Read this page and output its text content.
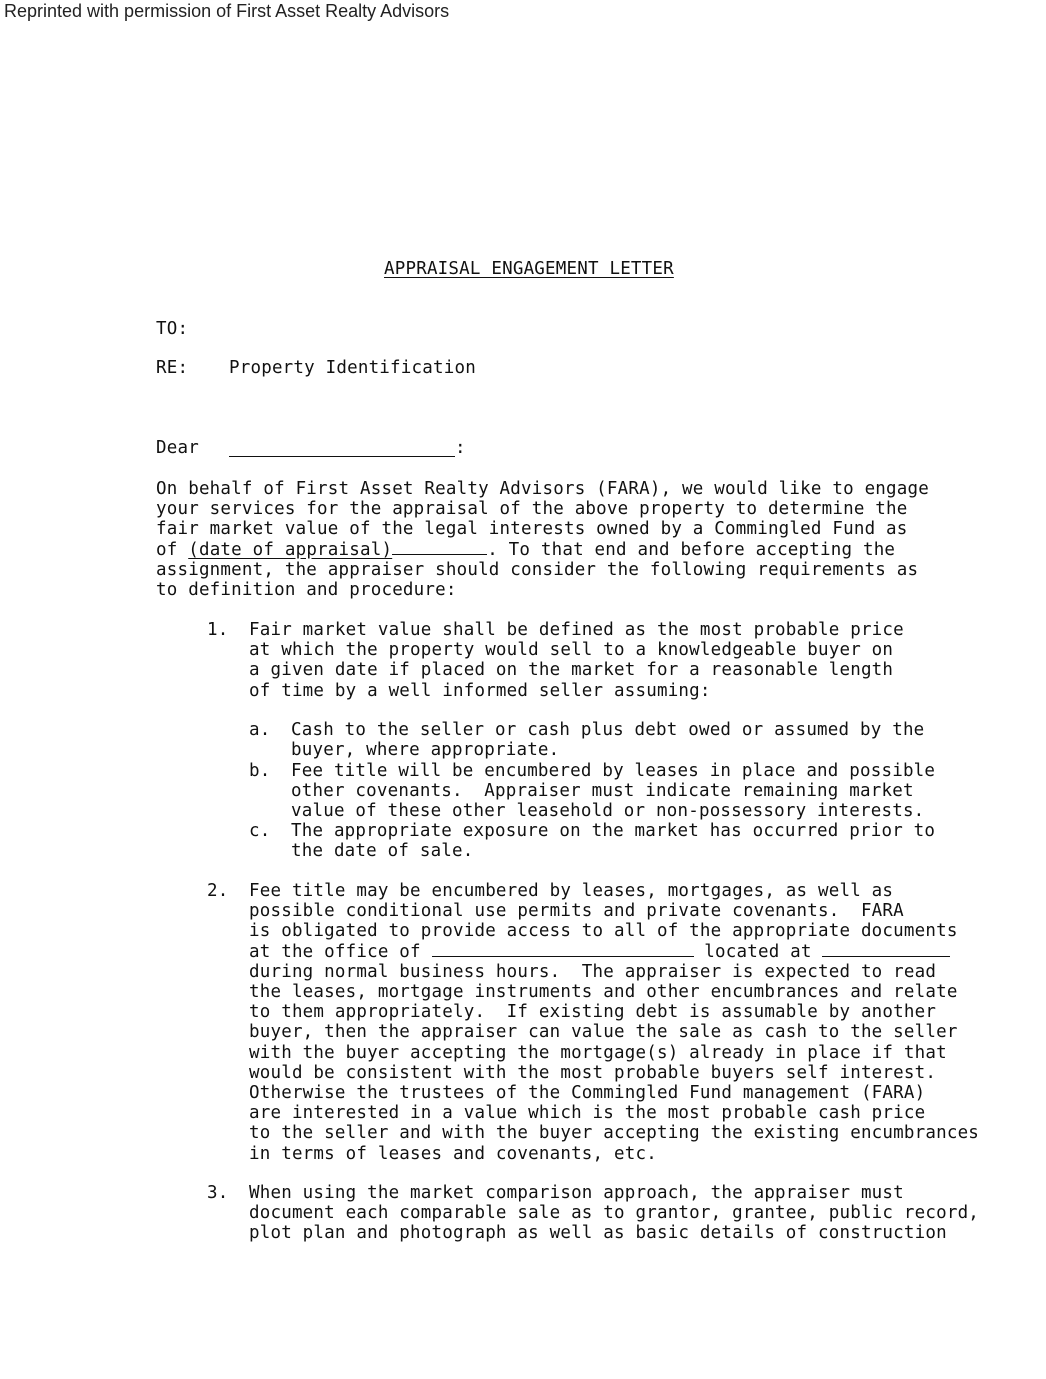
Reprinted with permission of First Asset Realty Advisors
APPRAISAL ENGAGEMENT LETTER
TO:
RE: Property Identification
Dear	:
On behalf of First Asset Realty Advisors (FARA), we would like to engage
your services for the appraisal of the above property to determine the
fair market value of the legal interests owned by a Commingled Fund as
of (date of appraisal)	. To that end and before accepting the
assignment, the appraiser should consider the following requirements as
to definition and procedure:
1. Fair market value shall be defined as the most probable price
at which the property would sell to a knowledgeable buyer on
a given date if placed on the market for a reasonable length
of time by a well informed seller assuming:
a. Cash to the seller or cash plus debt owed or assumed by the
buyer, where appropriate.
b. Fee title will be encumbered by leases in place and possible
other covenants.  Appraiser must indicate remaining market
value of these other leasehold or non-possessory interests.
c. The appropriate exposure on the market has occurred prior to
the date of sale.
2. Fee title may be encumbered by leases, mortgages, as well as
possible conditional use permits and private covenants.  FARA
is obligated to provide access to all of the appropriate documents
at the office of	located at
during normal business hours.  The appraiser is expected to read
the leases, mortgage instruments and other encumbrances and relate
to them appropriately.  If existing debt is assumable by another
buyer, then the appraiser can value the sale as cash to the seller
with the buyer accepting the mortgage(s) already in place if that
would be consistent with the most probable buyers self interest.
Otherwise the trustees of the Commingled Fund management (FARA)
are interested in a value which is the most probable cash price
to the seller and with the buyer accepting the existing encumbrances
in terms of leases and covenants, etc.
3. When using the market comparison approach, the appraiser must
document each comparable sale as to grantor, grantee, public record,
plot plan and photograph as well as basic details of construction
